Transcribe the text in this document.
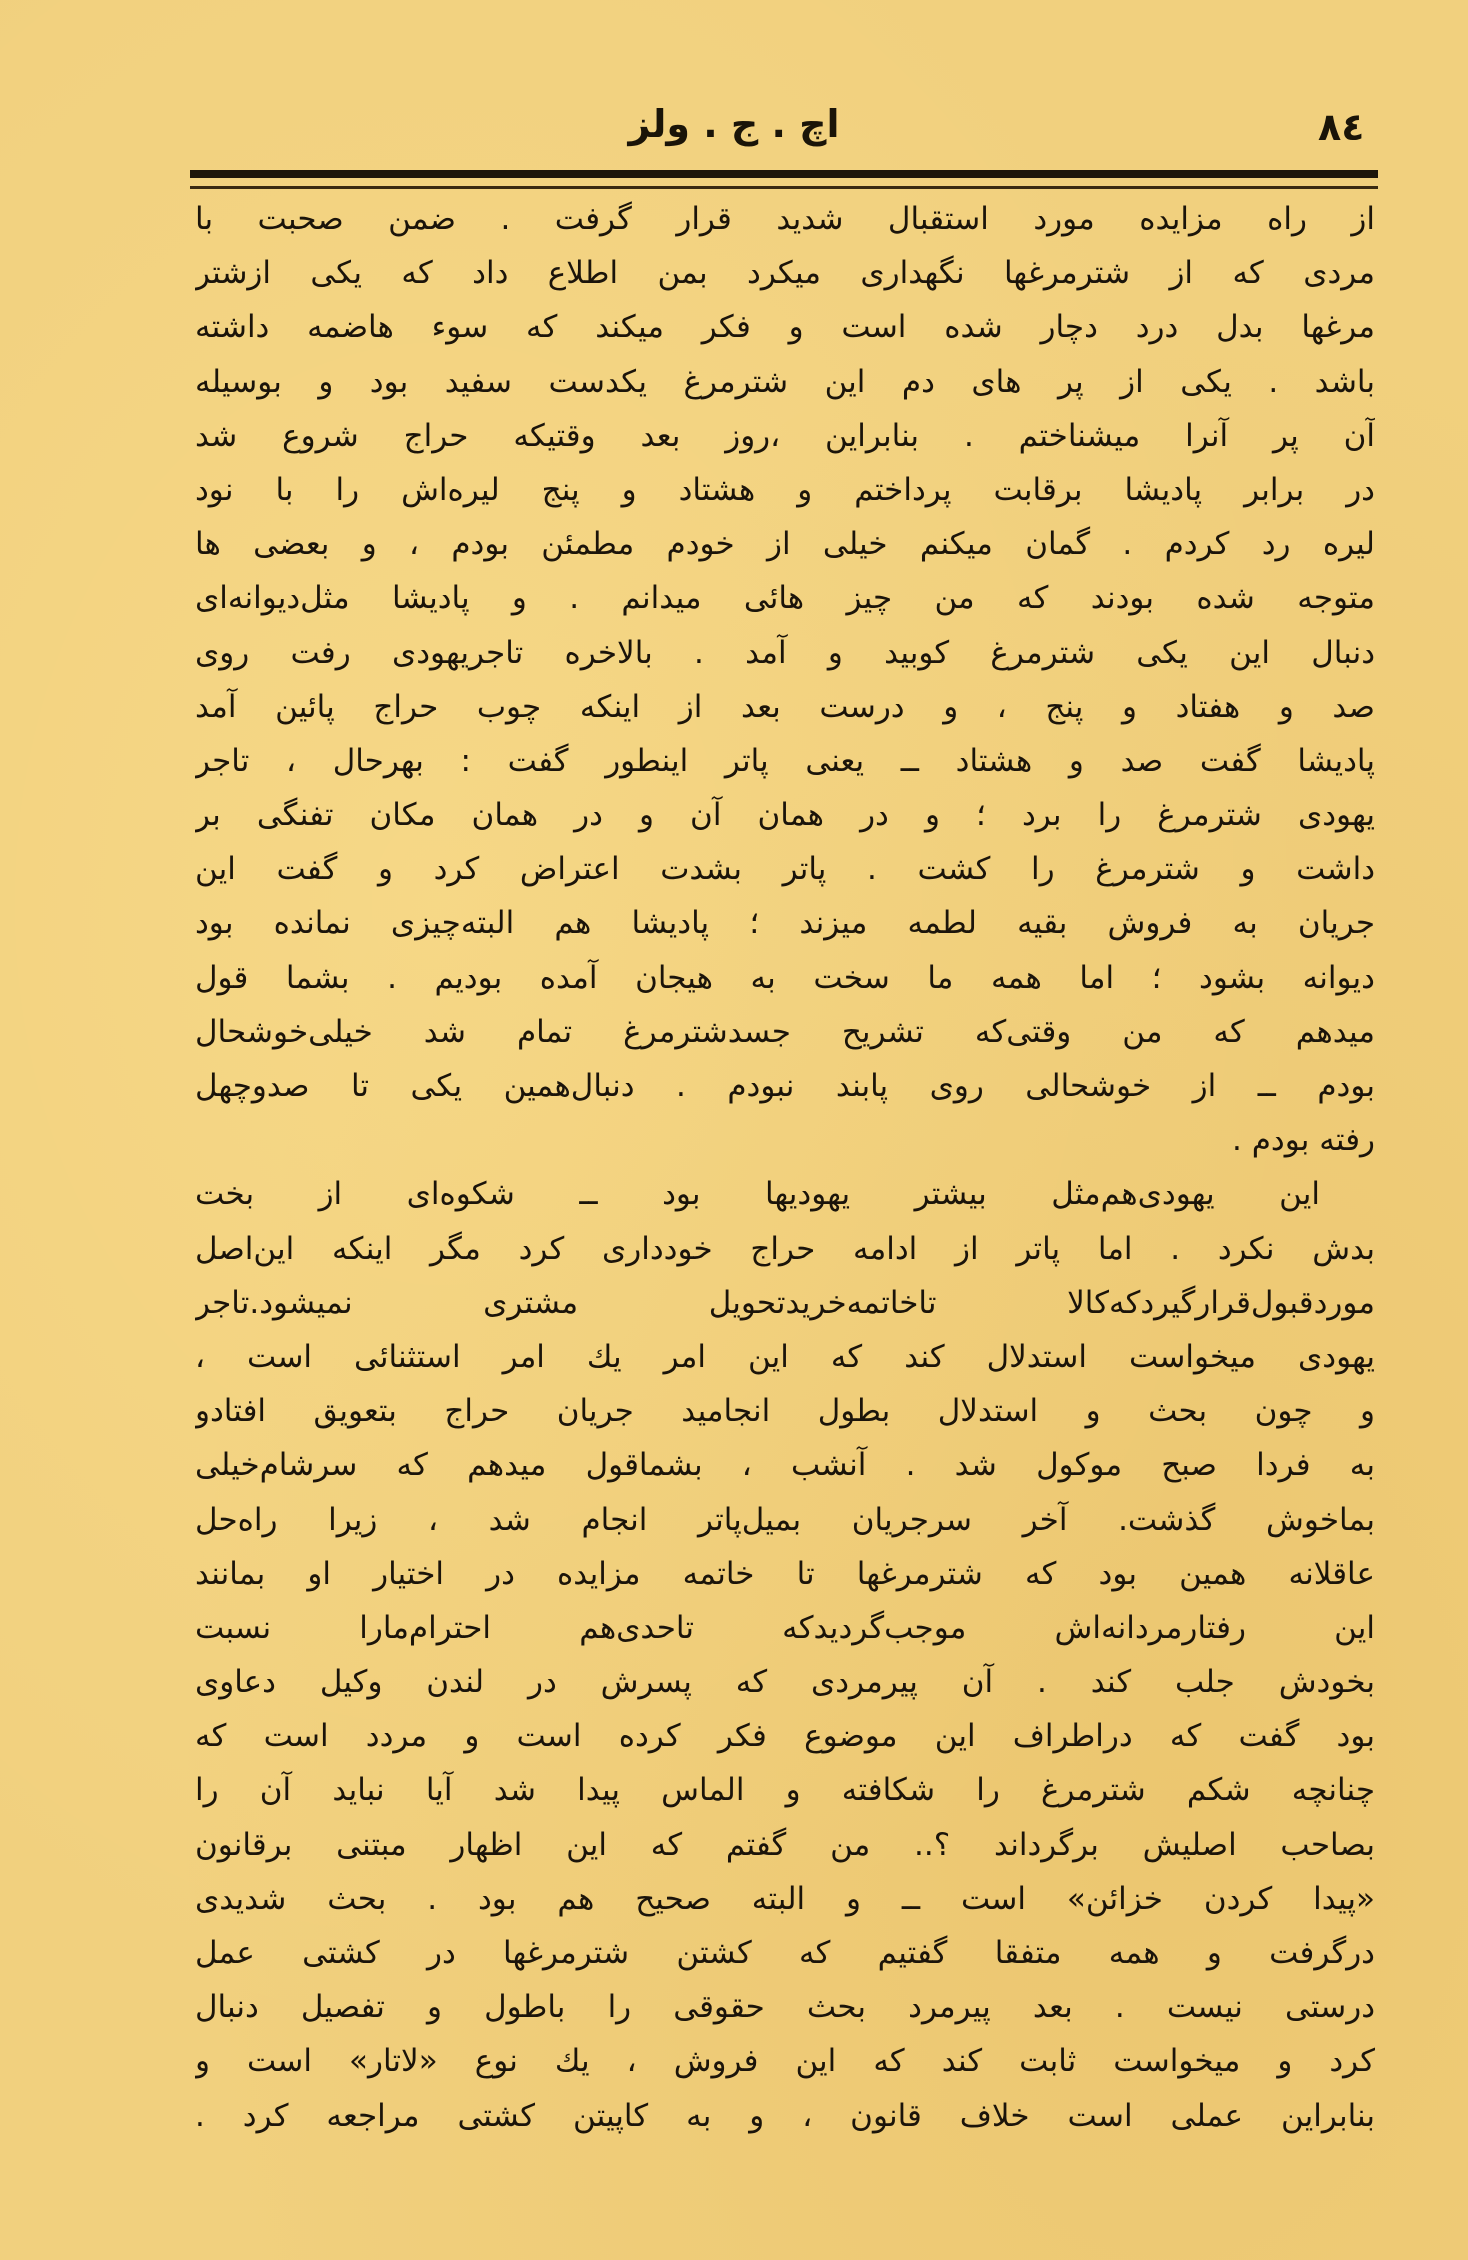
٨٤
اچ . ج . ولز
از راه مزایده مورد استقبال شدید قرار گرفت . ضمن صحبت با
مردی که از شترمرغها نگهداری میکرد بمن اطلاع داد که یکی ازشتر
مرغها بدل درد دچار شده است و فکر میکند که سوء هاضمه داشته
باشد . یکی از پر های دم این شترمرغ یکدست سفید بود و بوسیله
آن پر آنرا میشناختم . بنابراین ،روز بعد وقتیکه حراج شروع شد
در برابر پادیشا برقابت پرداختم و هشتاد و پنج لیره‌اش را با نود
لیره رد کردم . گمان میکنم خیلی از خودم مطمئن بودم ، و بعضی ها
متوجه شده بودند که من چیز هائی میدانم . و پادیشا مثل‌دیوانه‌ای
دنبال این یکی شترمرغ کوبید و آمد . بالاخره تاجریهودی رفت روی
صد و هفتاد و پنج ، و درست بعد از اینکه چوب حراج پائین آمد
پادیشا گفت صد و هشتاد ــ یعنی پاتر اینطور گفت : بهرحال ، تاجر
یهودی شترمرغ را برد ؛ و در همان آن و در همان مکان تفنگی بر
داشت و شترمرغ را کشت . پاتر بشدت اعتراض کرد و گفت این
جریان به فروش بقیه لطمه میزند ؛ پادیشا هم البته‌چیزی نمانده بود
دیوانه بشود ؛ اما همه ما سخت به هیجان آمده بودیم . بشما قول
میدهم که من وقتی‌که تشریح جسدشترمرغ تمام شد خیلی‌خوشحال
بودم ــ از خوشحالی روی پابند نبودم . دنبال‌همین یکی تا صدوچهل
رفته بودم .
این یهودی‌هم‌مثل بیشتر یهودیها بود ــ شکوه‌ای از بخت
بدش نکرد . اما پاتر از ادامه حراج خودداری کرد مگر اینکه این‌اصل
موردقبول‌قرارگیردکه‌کالا تاخاتمه‌خریدتحویل مشتری نمیشود.تاجر
یهودی میخواست استدلال کند که این امر یك امر استثنائی است ،
و چون بحث و استدلال بطول انجامید جریان حراج بتعویق افتادو
به فردا صبح موکول شد . آنشب ، بشماقول میدهم که سرشام‌خیلی
بماخوش گذشت. آخر سرجریان بمیل‌پاتر انجام شد ، زیرا راه‌حل
عاقلانه همین بود که شترمرغها تا خاتمه مزایده در اختیار او بمانند
این رفتارمردانه‌اش موجب‌گردیدکه تاحدی‌هم احترام‌مارا نسبت
بخودش جلب کند . آن پیرمردی که پسرش در لندن وکیل دعاوی
بود گفت که دراطراف این موضوع فکر کرده است و مردد است که
چنانچه شکم شترمرغ را شکافته و الماس پیدا شد آیا نباید آن را
بصاحب اصلیش برگرداند ؟.. من گفتم که این اظهار مبتنی برقانون
«پیدا کردن خزائن» است ــ و البته صحیح هم بود . بحث شدیدی
درگرفت و همه متفقا گفتیم که کشتن شترمرغها در کشتی عمل
درستی نیست . بعد پیرمرد بحث حقوقی را باطول و تفصیل دنبال
کرد و میخواست ثابت کند که این فروش ، یك نوع «لاتار» است و
بنابراین عملی است خلاف قانون ، و به کاپیتن کشتی مراجعه کرد .
